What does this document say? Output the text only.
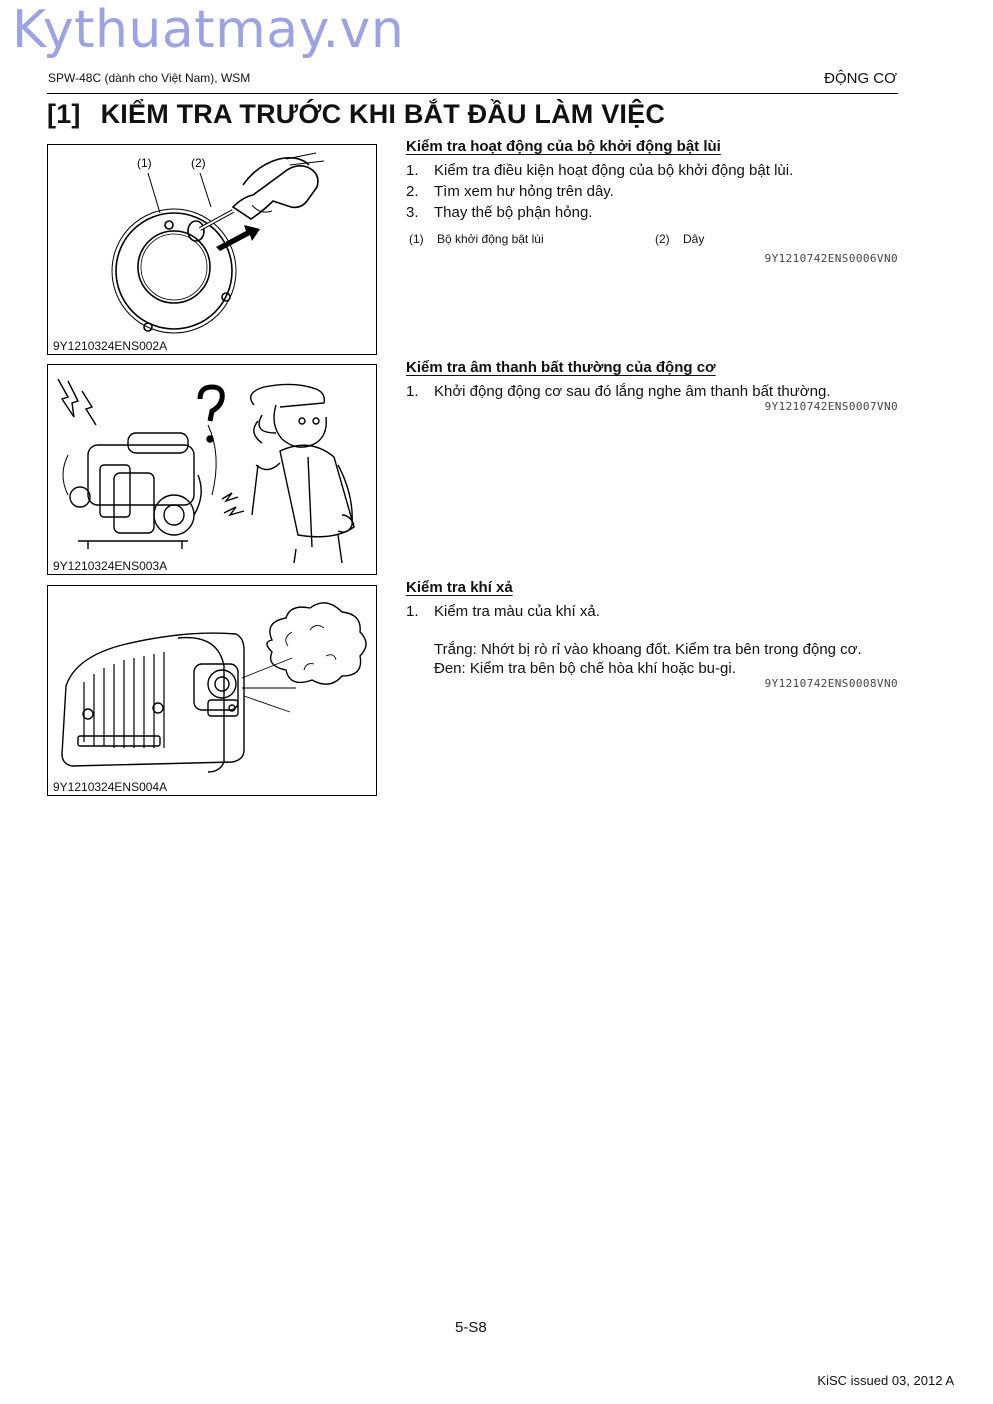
Kythuatmay.vn
SPW-48C (dành cho Việt Nam), WSM	ĐỘNG CƠ
[1] KIỂM TRA TRƯỚC KHI BẮT ĐẦU LÀM VIỆC
(1)	(2)
9Y1210324ENS002A
9Y1210324ENS003A
9Y1210324ENS004A
Kiểm tra hoạt động của bộ khởi động bật lùi
1.	Kiểm tra điều kiện hoạt động của bộ khởi động bật lùi.
2.	Tìm xem hư hỏng trên dây.
3.	Thay thế bộ phận hỏng.
(1)	Bộ khởi động bật lùi	(2)	Dây
9Y1210742ENS0006VN0
Kiểm tra âm thanh bất thường của động cơ
1.	Khởi động động cơ sau đó lắng nghe âm thanh bất thường.
9Y1210742ENS0007VN0
Kiểm tra khí xả
1.	Kiểm tra màu của khí xả.
Trắng: Nhớt bị rò rỉ vào khoang đốt. Kiểm tra bên trong động cơ.
Đen: Kiểm tra bên bộ chế hòa khí hoặc bu-gi.
9Y1210742ENS0008VN0
5-S8
KiSC issued 03, 2012 A
